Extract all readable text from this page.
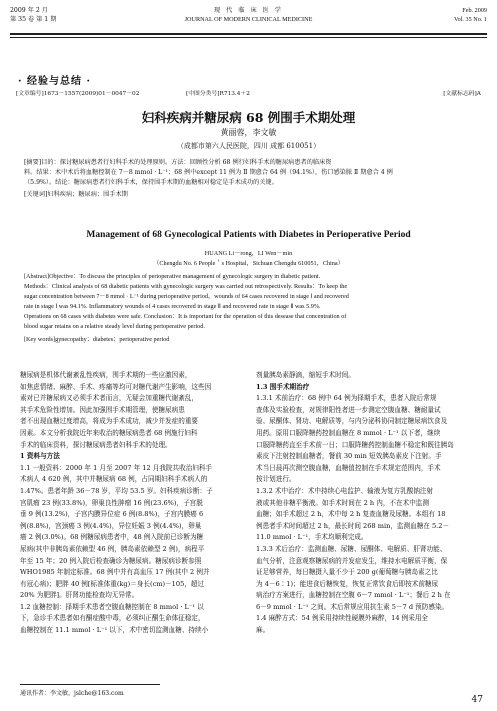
2009 年 2 月
第 35 卷 第 1 期
现 代 临 床 医 学
JOURNAL OF MODERN CLINICAL MEDICINE
Feb. 2009
Vol. 35 No. 1
· 经验与总结 ·
[文章编号]1673－1557(2009)01－0047－02	[中图分类号]R713.4＋2	[文献标志码]A
妇科疾病并糖尿病 68 例围手术期处理
黄丽蓉，李文敏
（成都市第六人民医院，四川 成都 610051）
[摘要]目的：探讨糖尿病患者行妇科手术的处理原则。方法：回顾性分析 68 例行妇科手术的糖尿病患者的临床资
料。结果：术中术后将血糖控制在 7－8 mmol · L⁻¹；68 例中except 11 例为 Ⅱ 期愈合 64 例（94.1%），伤口感染脓 Ⅱ 期愈合 4 例
（5.9%）。结论：糖尿病患者行妇科手术，保持围手术期的血糖相对稳定是手术成功的关键。
[关键词]妇科疾病；糖尿病；围手术期
Management of 68 Gynecological Patients with Diabetes in Perioperative Period
HUANG Li－rong，LI Wen－min
（Chengdu No. 6 People＇s Hospital，Sichuan Chengdu 610051，China）
[Abstract]Objective：To discuss the principles of perioperative management of gynecologic surgery in diabetic patient.
Methods：Clinical analysis of 68 diabetic patients with gynecologic surgery was carried out retrospectively. Results：To keep the
sugar concentration between 7－8 mmol · L⁻¹ during perioperative period，wounds of 64 cases recovered in stage Ⅰ and recovered
rate in stage Ⅰ was 94.1%. Inflammatory wounds of 4 cases recovered in stage Ⅱ and recovered rate in stage Ⅱ was 5.9%.
Operations on 68 cases with diabetes were safe. Conclusion：It is important for the operation of this desease that concentration of
blood sugar retains on a relative steady level during perioperative period.
[Key words]gynecopathy；diabetes；perioperative period

糖尿病是机体代谢紊乱性疾病，围手术期的一些应激因素，

如焦虑情绪、麻醉、手术、疼痛等均可对糖代谢产生影响，这些因

素对已并糖尿病又必须手术者而言，无疑会加重糖代谢紊乱，

其手术危险性增加。因此加强围手术期管理，使糖尿病患

者不出现血糖过度增高，将成为手术成功，减少并发症的重要

因素。本文分析我院近年来收治的糖尿病患者 68 例施行妇科

手术的临床资料，探讨糖尿病患者妇科手术的处理。

1 资料与方法

1.1 一般资料：2000 年 1 月至 2007 年 12 月我院共收治妇科手

术病人 4 620 例，其中并糖尿病 68 例，占同期妇科手术病人的

1.47%。患者年龄 36－78 岁，平均 53.5 岁。妇科疾病诊断：子

宫肌瘤 23 例(33.8%)，卵巢良性肿瘤 16 例(23.6%)，子宫脱

垂 9 例(13.2%)，子宫内膜异位症 6 例(8.8%)，子宫内膜癌 6

例(8.8%)，宫颈癌 3 例(4.4%)，异位妊娠 3 例(4.4%)，卵巢

癌 2 例(3.0%)。68 例糖尿病患者中，48 例入院前已诊断为糖

尿病(其中非胰岛素依赖型 46 例，胰岛素依赖型 2 例)，病程平

年至 15 年；20 例入院后检查确诊为糖尿病。糖尿病诊断参照

WHO1985 年制定标准。68 例中并有高血压 17 例(其中 2 例并

有冠心病)；肥胖 40 例[标准体重(kg)＝身长(cm)－105，超过

20% 为肥胖]。肝肾功能检查均无异常。

1.2 血糖控制：择期手术患者空腹血糖控制在 8 mmol · L⁻¹ 以

下，急诊手术患者如有酮症酸中毒，必须纠正酮生命体征稳定，

血糖控制在 11.1 mmol · L⁻¹ 以下，术中密切监测血糖、持续小

剂量胰岛素静滴，缩短手术时间。

1.3 围手术期治疗

1.3.1 术前治疗：68 例中 64 例为择期手术，患者入院后常规

查体及实验检查，对规律阳性者进一步测定空腹血糖、糖耐量试

验、尿酮体、肾功、电解质等，与内分泌科协同制定糖尿病饮食及

用药。原用口服降糖药控制血糖在 8 mmol · L⁻¹ 以下者，继续

口服降糖药直至手术前一日；口服降糖药控制血糖不稳定和既往胰岛

素皮下注射控制血糖者，餐前 30 min 短效胰岛素皮下注射。手

术当日晨再次测空腹血糖，血糖值控制在手术规定范围内，手术

按计划进行。

1.3.2 术中治疗：术中持续心电监护、输液为复方乳酸钠注射

液或其他非糖平衡液。如手术时间在 2 h 内，不在术中监测

血糖；如手术超过 2 h，术中每 2 h 复查血糖及尿糖。本组有 18

例患者手术时间超过 2 h，最长时间 268 min，监测血糖在 5.2－

11.0 mmol · L⁻¹，手术均顺利完成。

1.3.3 术后治疗：监测血糖、尿糖、尿酮体、电解质、肝肾功能、

血气分析，注意观察糖尿病的并发症发生，维持水电解质平衡，保

证足够营养，每日糖摄入量不少于 200 g(葡萄糖与胰岛素之比

为 4－6∶1)；能进食后糖恢复，恢复正常饮食后即按术前糖尿

病治疗方案进行，血糖控制在空腹 6－7 mmol · L⁻¹；餐后 2 h 在

6－9 mmol · L⁻¹ 之间。术后常规应用抗生素 5－7 d 预防感染。

1.4 麻醉方式：54 例采用持续性硬膜外麻醉，14 例采用全

麻。

通讯作者：李文敏，jslche@163.com
47
